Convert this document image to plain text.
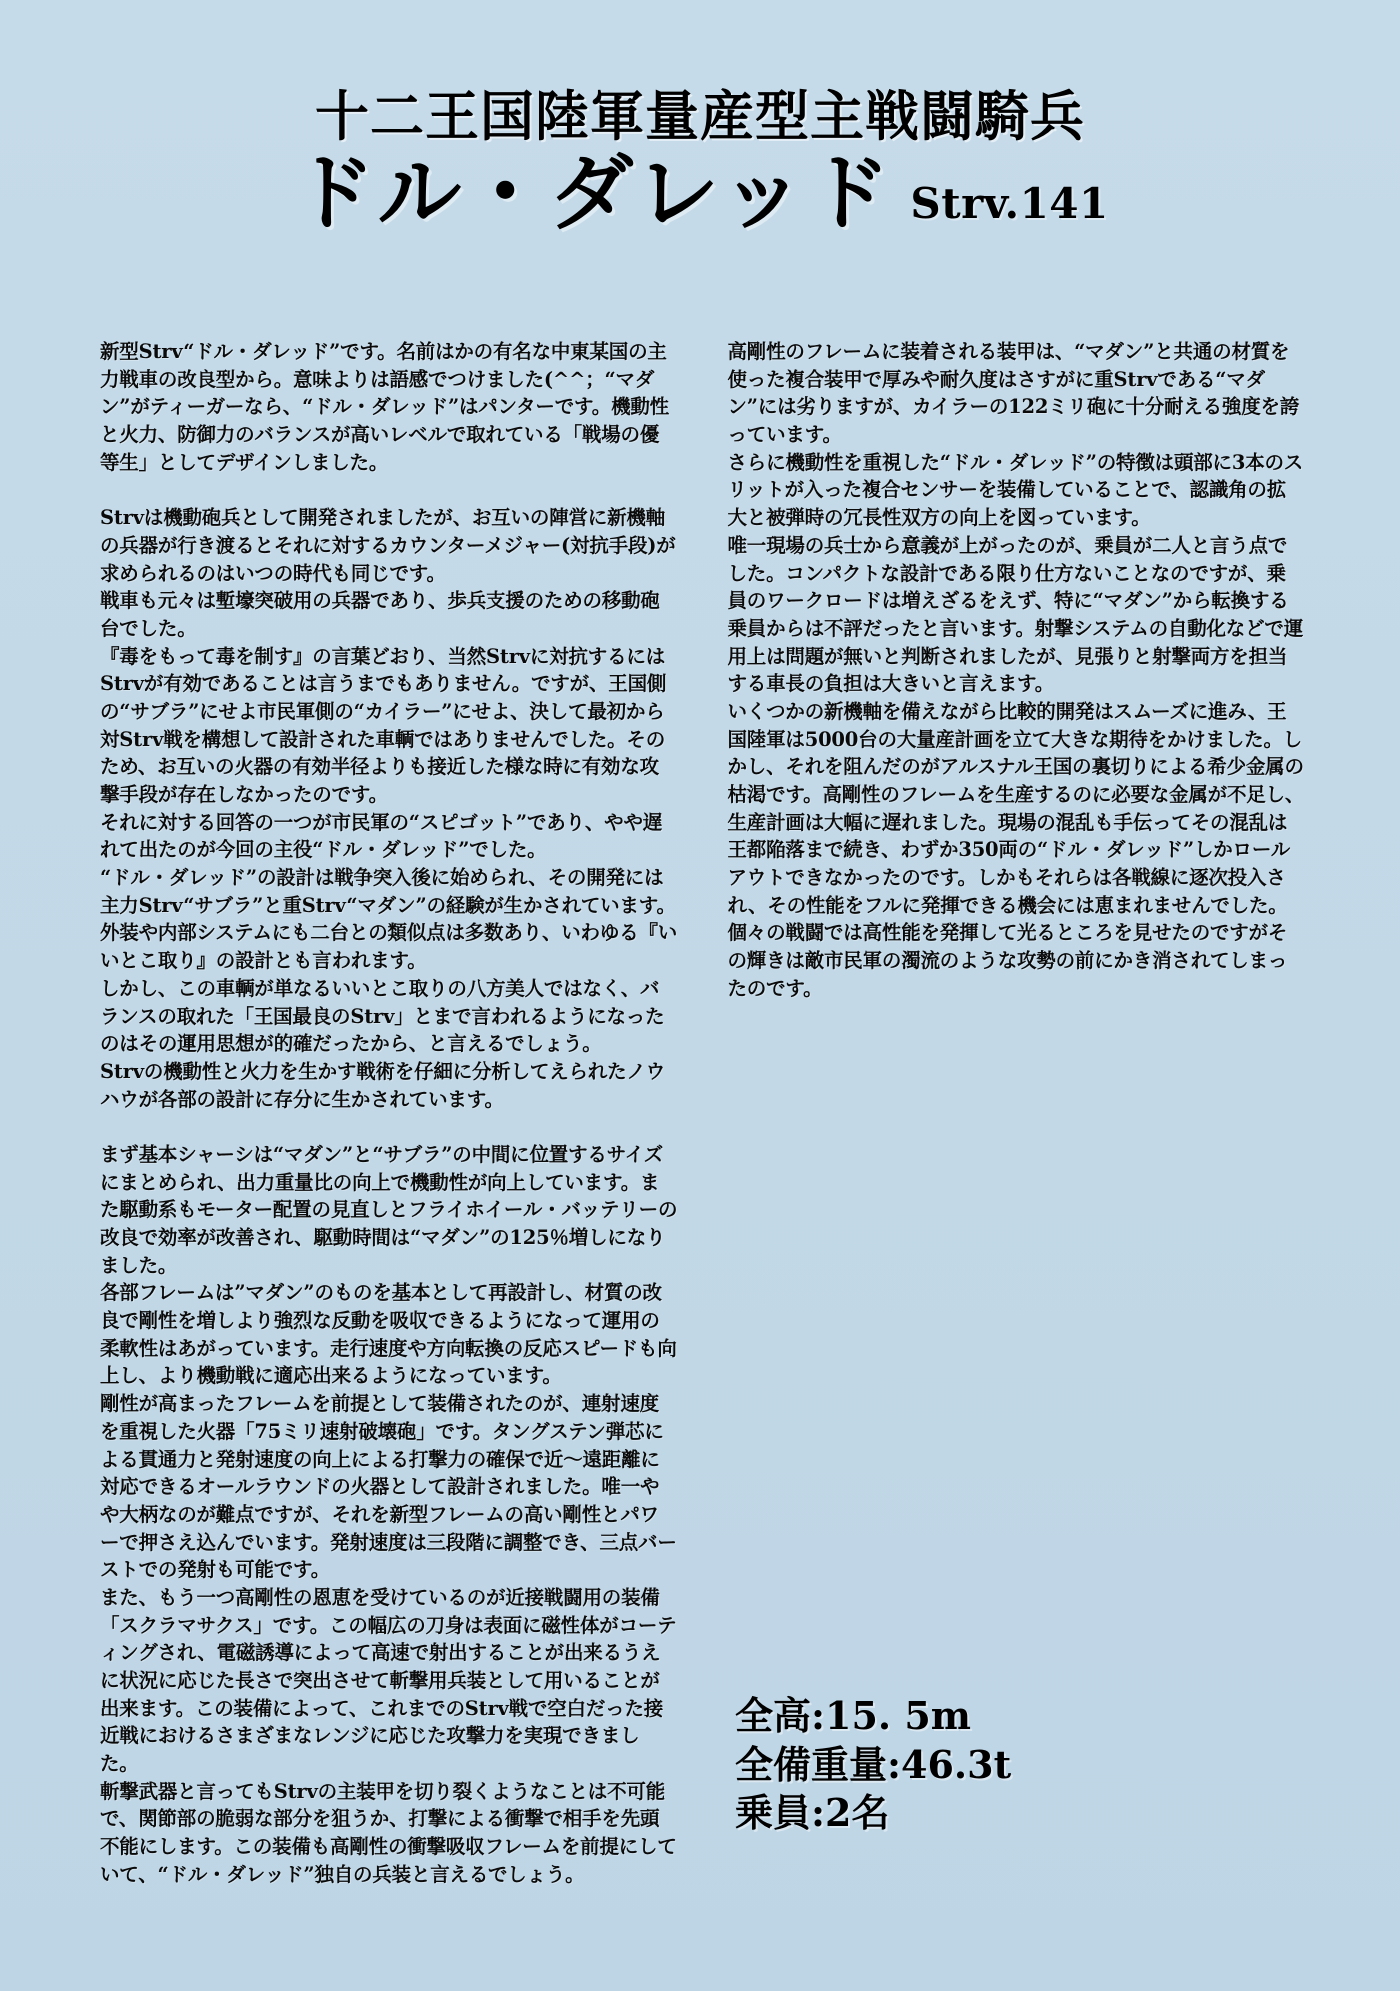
十二王国陸軍量産型主戦闘騎兵
ドル・ダレッド Strv.141

新型Strv“ドル・ダレッド”です。名前はかの有名な中東某国の主力戦車の改良型から。意味よりは語感でつけました(^^；“マダン”がティーガーなら、“ドル・ダレッド”はパンターです。機動性と火力、防御力のバランスが高いレベルで取れている「戦場の優等生」としてデザインしました。

Strvは機動砲兵として開発されましたが、お互いの陣営に新機軸の兵器が行き渡るとそれに対するカウンターメジャー(対抗手段)が求められるのはいつの時代も同じです。
戦車も元々は塹壕突破用の兵器であり、歩兵支援のための移動砲台でした。
『毒をもって毒を制す』の言葉どおり、当然Strvに対抗するにはStrvが有効であることは言うまでもありません。ですが、王国側の“サブラ”にせよ市民軍側の“カイラー”にせよ、決して最初から対Strv戦を構想して設計された車輌ではありませんでした。そのため、お互いの火器の有効半径よりも接近した様な時に有効な攻撃手段が存在しなかったのです。
それに対する回答の一つが市民軍の“スピゴット”であり、やや遅れて出たのが今回の主役“ドル・ダレッド”でした。
“ドル・ダレッド”の設計は戦争突入後に始められ、その開発には主力Strv“サブラ”と重Strv“マダン”の経験が生かされています。外装や内部システムにも二台との類似点は多数あり、いわゆる『いいとこ取り』の設計とも言われます。
しかし、この車輌が単なるいいとこ取りの八方美人ではなく、バランスの取れた「王国最良のStrv」とまで言われるようになったのはその運用思想が的確だったから、と言えるでしょう。
Strvの機動性と火力を生かす戦術を仔細に分析してえられたノウハウが各部の設計に存分に生かされています。

まず基本シャーシは“マダン”と“サブラ”の中間に位置するサイズにまとめられ、出力重量比の向上で機動性が向上しています。また駆動系もモーター配置の見直しとフライホイール・バッテリーの改良で効率が改善され、駆動時間は“マダン”の125％増しになりました。
各部フレームは”マダン”のものを基本として再設計し、材質の改良で剛性を増しより強烈な反動を吸収できるようになって運用の柔軟性はあがっています。走行速度や方向転換の反応スピードも向上し、より機動戦に適応出来るようになっています。
剛性が高まったフレームを前提として装備されたのが、連射速度を重視した火器「75ミリ速射破壊砲」です。タングステン弾芯による貫通力と発射速度の向上による打撃力の確保で近〜遠距離に対応できるオールラウンドの火器として設計されました。唯一やや大柄なのが難点ですが、それを新型フレームの高い剛性とパワーで押さえ込んでいます。発射速度は三段階に調整でき、三点バーストでの発射も可能です。
また、もう一つ高剛性の恩恵を受けているのが近接戦闘用の装備「スクラマサクス」です。この幅広の刀身は表面に磁性体がコーティングされ、電磁誘導によって高速で射出することが出来るうえに状況に応じた長さで突出させて斬撃用兵装として用いることが出来ます。この装備によって、これまでのStrv戦で空白だった接近戦におけるさまざまなレンジに応じた攻撃力を実現できました。
斬撃武器と言ってもStrvの主装甲を切り裂くようなことは不可能で、関節部の脆弱な部分を狙うか、打撃による衝撃で相手を先頭不能にします。この装備も高剛性の衝撃吸収フレームを前提にしていて、“ドル・ダレッド”独自の兵装と言えるでしょう。

高剛性のフレームに装着される装甲は、“マダン”と共通の材質を使った複合装甲で厚みや耐久度はさすがに重Strvである“マダン”には劣りますが、カイラーの122ミリ砲に十分耐える強度を誇っています。
さらに機動性を重視した“ドル・ダレッド”の特徴は頭部に3本のスリットが入った複合センサーを装備していることで、認識角の拡大と被弾時の冗長性双方の向上を図っています。
唯一現場の兵士から意義が上がったのが、乗員が二人と言う点でした。コンパクトな設計である限り仕方ないことなのですが、乗員のワークロードは増えざるをえず、特に“マダン”から転換する乗員からは不評だったと言います。射撃システムの自動化などで運用上は問題が無いと判断されましたが、見張りと射撃両方を担当する車長の負担は大きいと言えます。
いくつかの新機軸を備えながら比較的開発はスムーズに進み、王国陸軍は5000台の大量産計画を立て大きな期待をかけました。しかし、それを阻んだのがアルスナル王国の裏切りによる希少金属の枯渇です。高剛性のフレームを生産するのに必要な金属が不足し、生産計画は大幅に遅れました。現場の混乱も手伝ってその混乱は王都陥落まで続き、わずか350両の“ドル・ダレッド”しかロールアウトできなかったのです。しかもそれらは各戦線に逐次投入され、その性能をフルに発揮できる機会には恵まれませんでした。個々の戦闘では高性能を発揮して光るところを見せたのですがその輝きは敵市民軍の濁流のような攻勢の前にかき消されてしまったのです。

全高:15. 5m
全備重量:46.3t
乗員:2名
